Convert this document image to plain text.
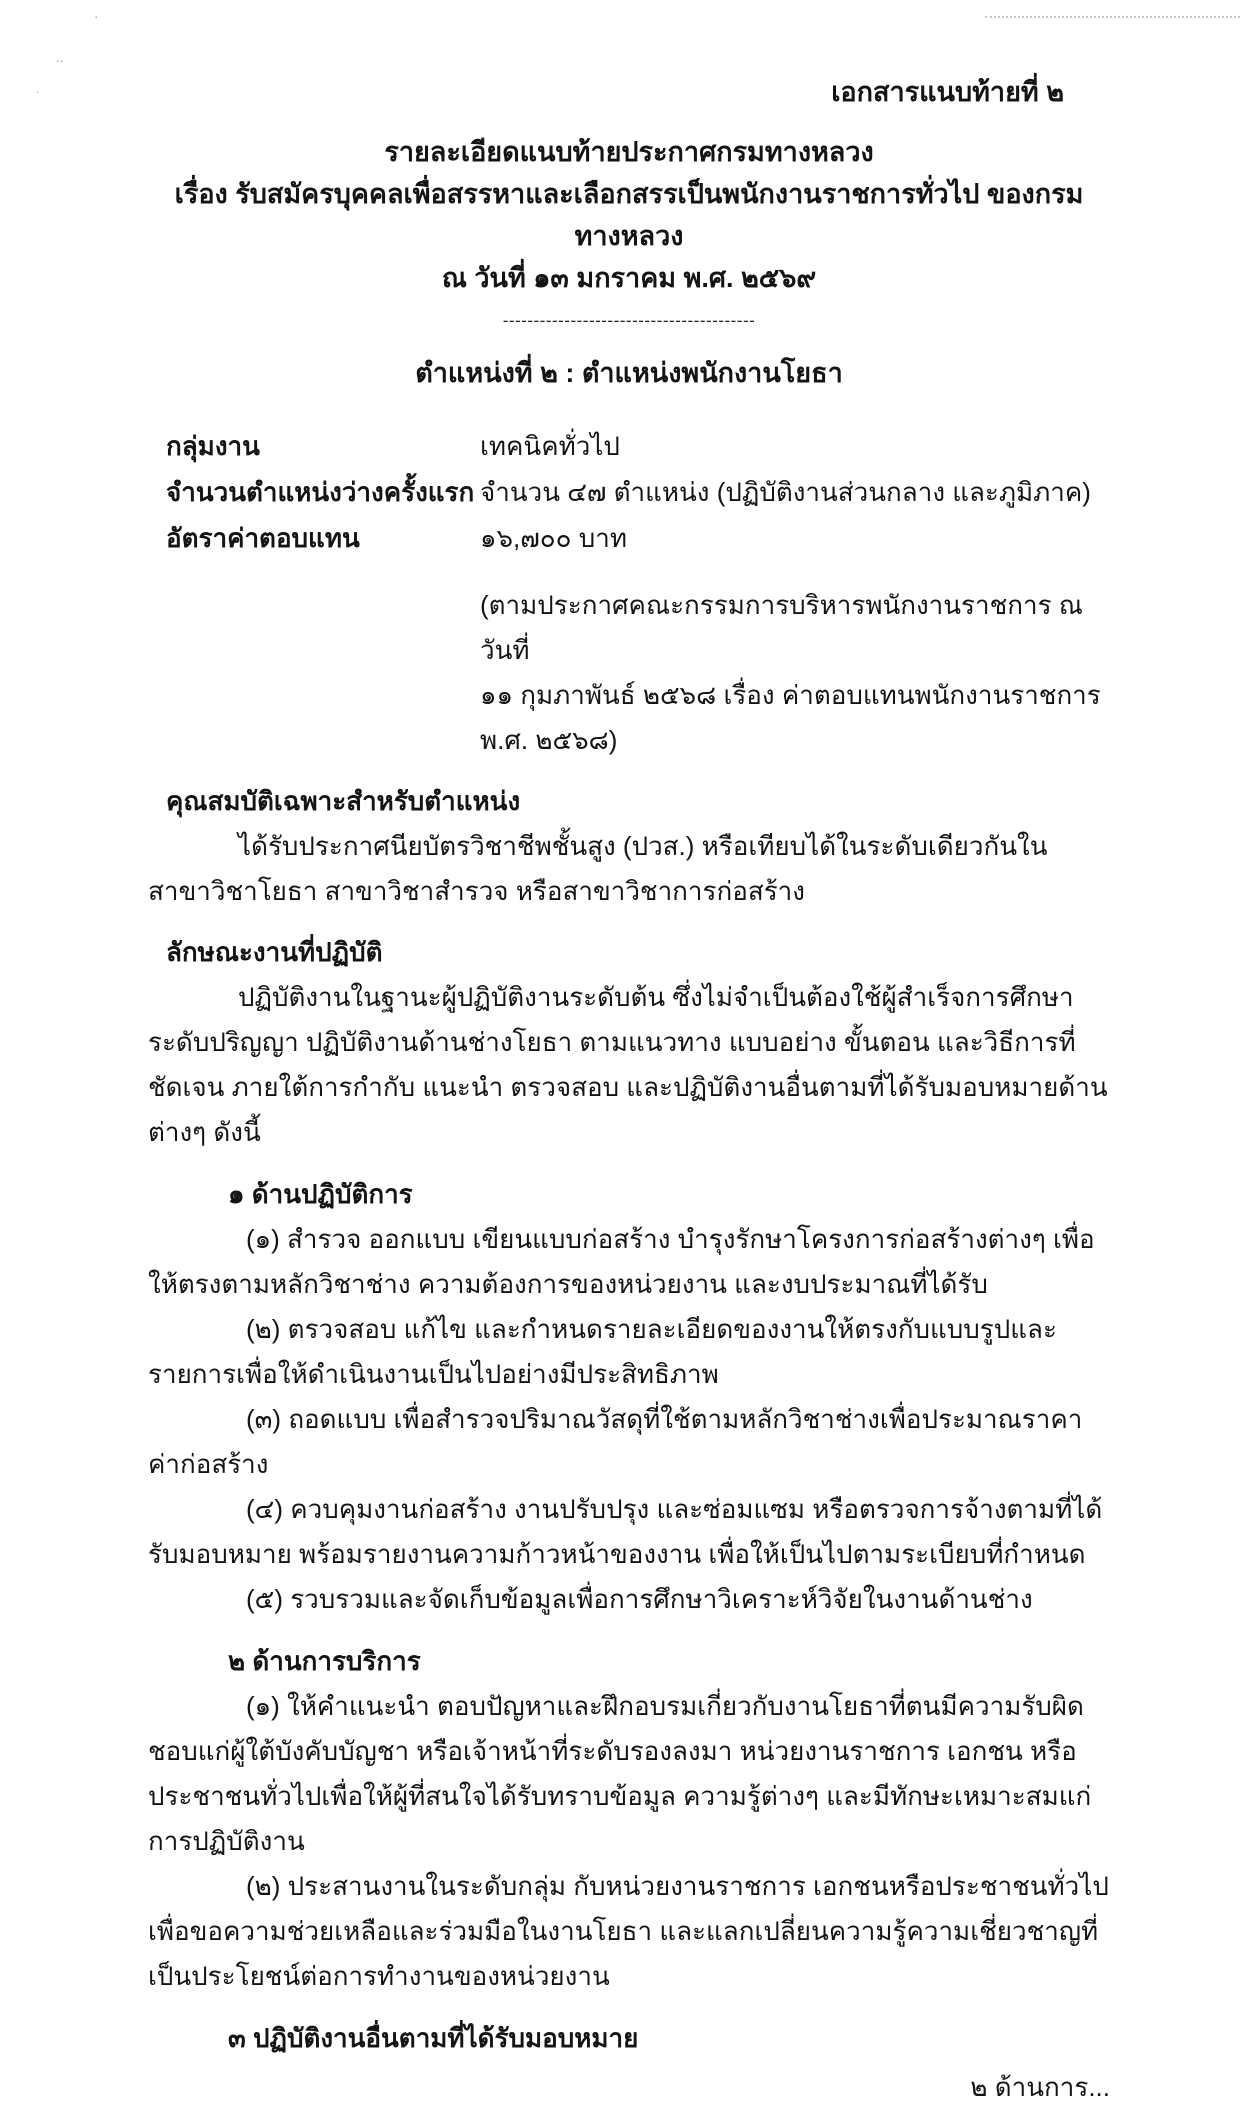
·
‥
·	เอกสารแนบท้ายที่ ๒
รายละเอียดแนบท้ายประกาศกรมทางหลวง
เรื่อง รับสมัครบุคคลเพื่อสรรหาและเลือกสรรเป็นพนักงานราชการทั่วไป ของกรมทางหลวง
ณ วันที่ ๑๓ มกราคม พ.ศ. ๒๕๖๙
-----------------------------------------
ตำแหน่งที่ ๒ : ตำแหน่งพนักงานโยธา
กลุ่มงาน	เทคนิคทั่วไป
จำนวนตำแหน่งว่างครั้งแรก จำนวน ๔๗ ตำแหน่ง (ปฏิบัติงานส่วนกลาง และภูมิภาค)
อัตราค่าตอบแทน	๑๖,๗๐๐ บาท
(ตามประกาศคณะกรรมการบริหารพนักงานราชการ ณ วันที่
๑๑ กุมภาพันธ์ ๒๕๖๘ เรื่อง ค่าตอบแทนพนักงานราชการ พ.ศ. ๒๕๖๘)
คุณสมบัติเฉพาะสำหรับตำแหน่ง
ได้รับประกาศนียบัตรวิชาชีพชั้นสูง (ปวส.) หรือเทียบได้ในระดับเดียวกันในสาขาวิชาโยธา สาขาวิชาสำรวจ หรือสาขาวิชาการก่อสร้าง
ลักษณะงานที่ปฏิบัติ
ปฏิบัติงานในฐานะผู้ปฏิบัติงานระดับต้น ซึ่งไม่จำเป็นต้องใช้ผู้สำเร็จการศึกษาระดับปริญญา ปฏิบัติงานด้านช่างโยธา ตามแนวทาง แบบอย่าง ขั้นตอน และวิธีการที่ชัดเจน ภายใต้การกำกับ แนะนำ ตรวจสอบ และปฏิบัติงานอื่นตามที่ได้รับมอบหมายด้านต่างๆ ดังนี้
๑ ด้านปฏิบัติการ
(๑) สำรวจ ออกแบบ เขียนแบบก่อสร้าง บำรุงรักษาโครงการก่อสร้างต่างๆ เพื่อให้ตรงตามหลักวิชาช่าง ความต้องการของหน่วยงาน และงบประมาณที่ได้รับ
(๒) ตรวจสอบ แก้ไข และกำหนดรายละเอียดของงานให้ตรงกับแบบรูปและรายการเพื่อให้ดำเนินงานเป็นไปอย่างมีประสิทธิภาพ
(๓) ถอดแบบ เพื่อสำรวจปริมาณวัสดุที่ใช้ตามหลักวิชาช่างเพื่อประมาณราคาค่าก่อสร้าง
(๔) ควบคุมงานก่อสร้าง งานปรับปรุง และซ่อมแซม หรือตรวจการจ้างตามที่ได้รับมอบหมาย พร้อมรายงานความก้าวหน้าของงาน เพื่อให้เป็นไปตามระเบียบที่กำหนด
(๕) รวบรวมและจัดเก็บข้อมูลเพื่อการศึกษาวิเคราะห์วิจัยในงานด้านช่าง
๒ ด้านการบริการ
(๑) ให้คำแนะนำ ตอบปัญหาและฝึกอบรมเกี่ยวกับงานโยธาที่ตนมีความรับผิดชอบแก่ผู้ใต้บังคับบัญชา หรือเจ้าหน้าที่ระดับรองลงมา หน่วยงานราชการ เอกชน หรือประชาชนทั่วไปเพื่อให้ผู้ที่สนใจได้รับทราบข้อมูล ความรู้ต่างๆ และมีทักษะเหมาะสมแก่การปฏิบัติงาน
(๒) ประสานงานในระดับกลุ่ม กับหน่วยงานราชการ เอกชนหรือประชาชนทั่วไป เพื่อขอความช่วยเหลือและร่วมมือในงานโยธา และแลกเปลี่ยนความรู้ความเชี่ยวชาญที่เป็นประโยชน์ต่อการทำงานของหน่วยงาน
๓ ปฏิบัติงานอื่นตามที่ได้รับมอบหมาย
๒ ด้านการ...
